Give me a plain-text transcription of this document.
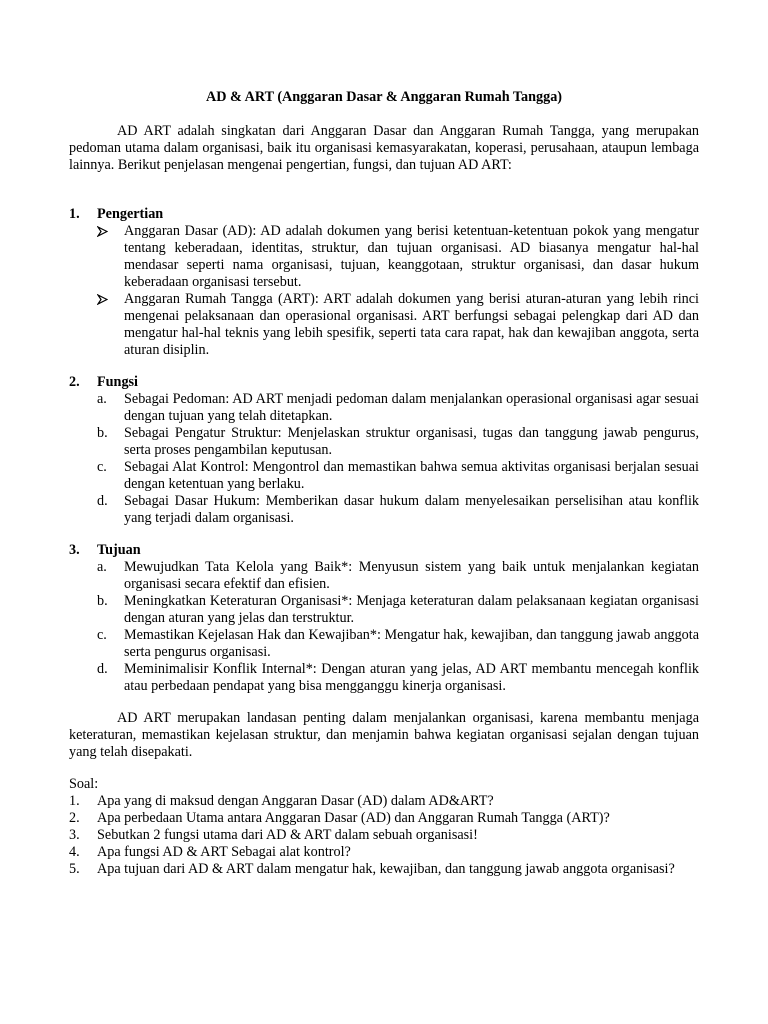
AD & ART (Anggaran Dasar & Anggaran Rumah Tangga)
AD ART adalah singkatan dari Anggaran Dasar dan Anggaran Rumah Tangga, yang merupakan pedoman utama dalam organisasi, baik itu organisasi kemasyarakatan, koperasi, perusahaan, ataupun lembaga lainnya. Berikut penjelasan mengenai pengertian, fungsi, dan tujuan AD ART:
1. Pengertian
Anggaran Dasar (AD): AD adalah dokumen yang berisi ketentuan-ketentuan pokok yang mengatur tentang keberadaan, identitas, struktur, dan tujuan organisasi. AD biasanya mengatur hal-hal mendasar seperti nama organisasi, tujuan, keanggotaan, struktur organisasi, dan dasar hukum keberadaan organisasi tersebut.
Anggaran Rumah Tangga (ART): ART adalah dokumen yang berisi aturan-aturan yang lebih rinci mengenai pelaksanaan dan operasional organisasi. ART berfungsi sebagai pelengkap dari AD dan mengatur hal-hal teknis yang lebih spesifik, seperti tata cara rapat, hak dan kewajiban anggota, serta aturan disiplin.
2. Fungsi
a. Sebagai Pedoman: AD ART menjadi pedoman dalam menjalankan operasional organisasi agar sesuai dengan tujuan yang telah ditetapkan.
b. Sebagai Pengatur Struktur: Menjelaskan struktur organisasi, tugas dan tanggung jawab pengurus, serta proses pengambilan keputusan.
c. Sebagai Alat Kontrol: Mengontrol dan memastikan bahwa semua aktivitas organisasi berjalan sesuai dengan ketentuan yang berlaku.
d. Sebagai Dasar Hukum: Memberikan dasar hukum dalam menyelesaikan perselisihan atau konflik yang terjadi dalam organisasi.
3. Tujuan
a. Mewujudkan Tata Kelola yang Baik*: Menyusun sistem yang baik untuk menjalankan kegiatan organisasi secara efektif dan efisien.
b. Meningkatkan Keteraturan Organisasi*: Menjaga keteraturan dalam pelaksanaan kegiatan organisasi dengan aturan yang jelas dan terstruktur.
c. Memastikan Kejelasan Hak dan Kewajiban*: Mengatur hak, kewajiban, dan tanggung jawab anggota serta pengurus organisasi.
d. Meminimalisir Konflik Internal*: Dengan aturan yang jelas, AD ART membantu mencegah konflik atau perbedaan pendapat yang bisa mengganggu kinerja organisasi.
AD ART merupakan landasan penting dalam menjalankan organisasi, karena membantu menjaga keteraturan, memastikan kejelasan struktur, dan menjamin bahwa kegiatan organisasi sejalan dengan tujuan yang telah disepakati.
Soal:
1. Apa yang di maksud dengan Anggaran Dasar (AD) dalam AD&ART?
2. Apa perbedaan Utama antara Anggaran Dasar (AD) dan Anggaran Rumah Tangga (ART)?
3. Sebutkan 2 fungsi utama dari AD & ART dalam sebuah organisasi!
4. Apa fungsi AD & ART Sebagai alat kontrol?
5. Apa tujuan dari AD & ART dalam mengatur hak, kewajiban, dan tanggung jawab anggota organisasi?
